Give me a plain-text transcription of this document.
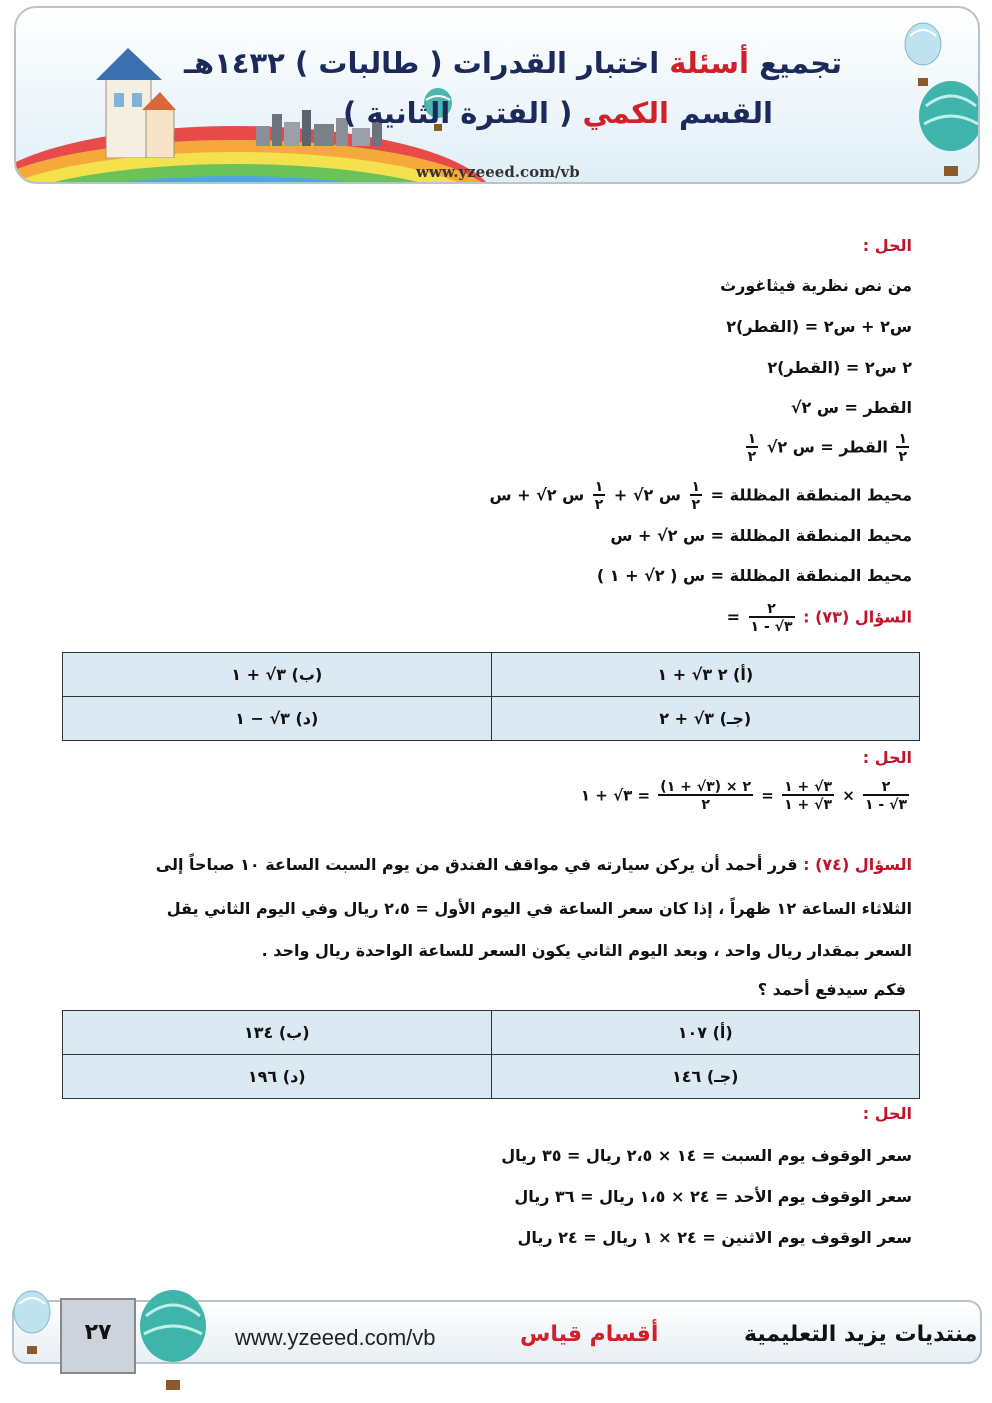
تجميع أسئلة اختبار القدرات ( طالبات ) ١٤٣٢هـ
القسم الكمي ( الفترة الثانية )
www.yzeeed.com/vb
الحل :
من نص نظرية فيثاغورث
س٢ + س٢ = (القطر)٢
٢ س٢ = (القطر)٢
القطر = س ٢√
$\frac{١}{٢}$
القطر = س ٢√
$\frac{١}{٢}$
محيط المنطقة المظللة =
$\frac{١}{٢}$
س ٢√ +
$\frac{١}{٢}$
س ٢√ + س
محيط المنطقة المظللة = س ٢√ + س
محيط المنطقة المظللة = س ( ٢√ + ١ )
السؤال (٧٣) :
$\frac{٢}{٣√ - ١}$
=
(أ) ٢ ٣√ + ١	(ب) ٣√ + ١
(جـ) ٣√ + ٢	(د) ٣√ − ١
الحل :
$\frac{٢}{٣√ - ١}$
×
$\frac{٣√ + ١}{٣√ + ١}$
=
$\frac{٢ \times (٣√ + ١)}{٢}$
= ٣√ + ١
السؤال (٧٤) : قرر أحمد أن يركن سيارته في مواقف الفندق من يوم السبت الساعة ١٠ صباحاً إلى
الثلاثاء الساعة ١٢ ظهراً ، إذا كان سعر الساعة في اليوم الأول = ٢،٥ ريال وفي اليوم الثاني يقل
السعر بمقدار ريال واحد ، وبعد اليوم الثاني يكون السعر للساعة الواحدة ريال واحد .
فكم سيدفع أحمد ؟
(أ) ١٠٧	(ب) ١٣٤
(جـ) ١٤٦	(د) ١٩٦
الحل :
سعر الوقوف يوم السبت = ١٤ × ٢،٥ ريال = ٣٥ ريال
سعر الوقوف يوم الأحد = ٢٤ × ١،٥ ريال = ٣٦ ريال
سعر الوقوف يوم الاثنين = ٢٤ × ١ ريال = ٢٤ ريال
٢٧	www.yzeeed.com/vb	أقسام قياس	منتديات يزيد التعليمية
